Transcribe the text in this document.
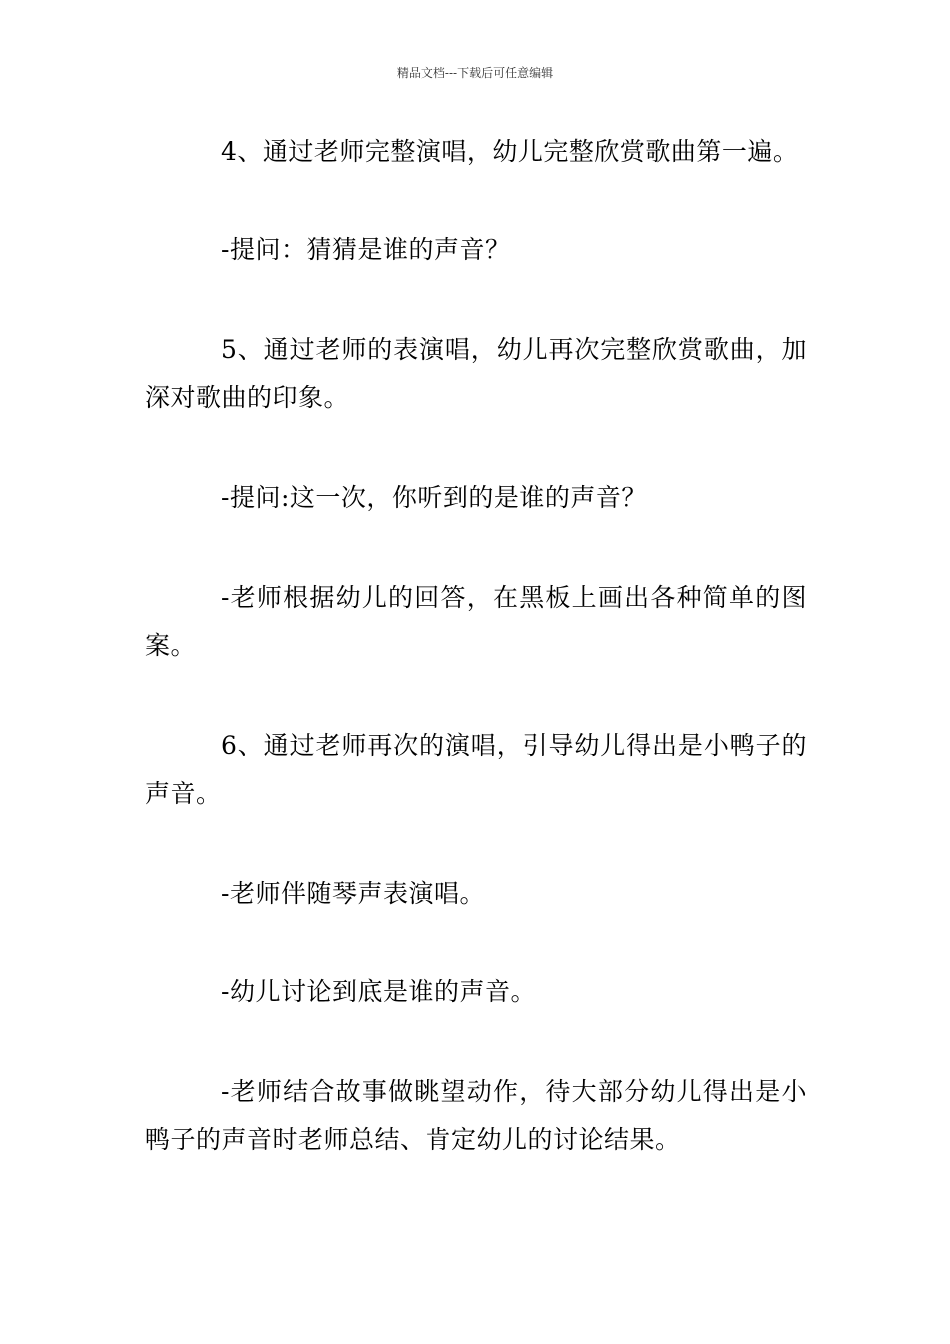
精品文档---下载后可任意编辑

4、通过老师完整演唱，幼儿完整欣赏歌曲第一遍。

-提问：猜猜是谁的声音？

5、通过老师的表演唱，幼儿再次完整欣赏歌曲，加深对歌曲的印象。

-提问:这一次，你听到的是谁的声音？

-老师根据幼儿的回答，在黑板上画出各种简单的图案。

6、通过老师再次的演唱，引导幼儿得出是小鸭子的声音。

-老师伴随琴声表演唱。

-幼儿讨论到底是谁的声音。

-老师结合故事做眺望动作，待大部分幼儿得出是小鸭子的声音时老师总结、肯定幼儿的讨论结果。
